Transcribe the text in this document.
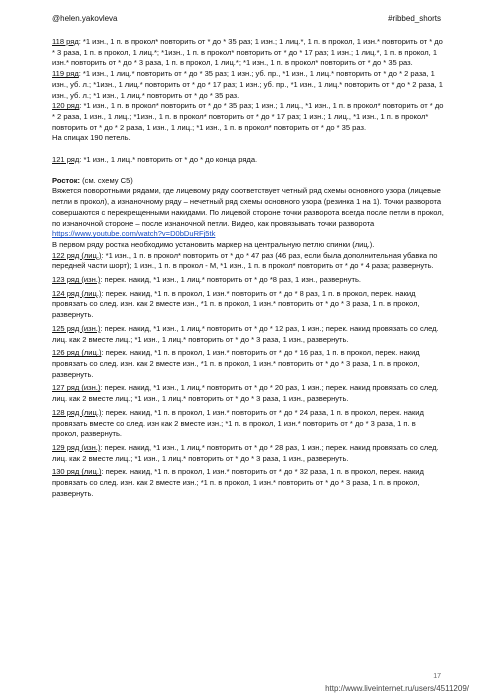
@helen.yakovleva	#ribbed_shorts

118 ряд: *1 изн., 1 п. в прокол* повторить от * до * 35 раз; 1 изн.; 1 лиц.*, 1 п. в прокол, 1 изн.* повторить от * до * 3 раза, 1 п. в прокол, 1 лиц.*; *1изн., 1 п. в прокол* повторить от * до * 17 раз; 1 изн.; 1 лиц.*, 1 п. в прокол, 1 изн.* повторить от * до * 3 раза, 1 п. в прокол, 1 лиц.*; *1 изн., 1 п. в прокол* повторить от * до * 35 раз.

119 ряд: *1 изн., 1 лиц.* повторить от * до * 35 раз; 1 изн.; уб. пр., *1 изн., 1 лиц.* повторить от * до * 2 раза, 1 изн., уб. л.; *1изн., 1 лиц.* повторить от * до * 17 раз; 1 изн.; уб. пр., *1 изн., 1 лиц.* повторить от * до * 2 раза, 1 изн., уб. л.; *1 изн., 1 лиц.* повторить от * до * 35 раз.

120 ряд: *1 изн., 1 п. в прокол* повторить от * до * 35 раз; 1 изн.; 1 лиц., *1 изн., 1 п. в прокол* повторить от * до * 2 раза, 1 изн., 1 лиц.; *1изн., 1 п. в прокол* повторить от * до * 17 раз; 1 изн.; 1 лиц., *1 изн., 1 п. в прокол* повторить от * до * 2 раза, 1 изн., 1 лиц.; *1 изн., 1 п. в прокол* повторить от * до * 35 раз.

На спицах 190 петель.

121 ряд: *1 изн., 1 лиц.* повторить от * до * до конца ряда.

Росток: (см. схему С5)

Вяжется поворотными рядами, где лицевому ряду соответствует четный ряд схемы основного узора (лицевые петли в прокол), а изнаночному ряду – нечетный ряд схемы основного узора (резинка 1 на 1). Точки разворота совершаются с перекрещенными накидами. По лицевой стороне точки разворота всегда после петли в прокол, по изнаночной стороне – после изнаночной петли. Видео, как провязывать точки разворота https://www.youtube.com/watch?v=D0bDuRFj5tk

В первом ряду ростка необходимо установить маркер на центральную петлю спинки (лиц.).

122 ряд (лиц.): *1 изн., 1 п. в прокол* повторить от * до * 47 раз (46 раз, если была дополнительная убавка по передней части шорт); 1 изн., 1 п. в прокол - М, *1 изн., 1 п. в прокол* повторить от * до * 4 раза; развернуть.

123 ряд (изн.): перек. накид, *1 изн., 1 лиц.* повторить от * до *8 раз, 1 изн., развернуть.

124 ряд (лиц.): перек. накид, *1 п. в прокол, 1 изн.* повторить от * до * 8 раз, 1 п. в прокол, перек. накид провязать со след. изн. как 2 вместе изн., *1 п. в прокол, 1 изн.* повторить от * до * 3 раза, 1 п. в прокол, развернуть.

125 ряд (изн.): перек. накид, *1 изн., 1 лиц.* повторить от * до * 12 раз, 1 изн.; перек. накид провязать со след. лиц. как 2 вместе лиц.; *1 изн., 1 лиц.* повторить от * до * 3 раза, 1 изн., развернуть.

126 ряд (лиц.): перек. накид, *1 п. в прокол, 1 изн.* повторить от * до * 16 раз, 1 п. в прокол, перек. накид провязать со след. изн. как 2 вместе изн., *1 п. в прокол, 1 изн.* повторить от * до * 3 раза, 1 п. в прокол, развернуть.

127 ряд (изн.): перек. накид, *1 изн., 1 лиц.* повторить от * до * 20 раз, 1 изн.; перек. накид провязать со след. лиц. как 2 вместе лиц.; *1 изн., 1 лиц.* повторить от * до * 3 раза, 1 изн., развернуть.

128 ряд (лиц.): перек. накид, *1 п. в прокол, 1 изн.* повторить от * до * 24 раза, 1 п. в прокол, перек. накид провязать вместе со след. изн как 2 вместе изн.; *1 п. в прокол, 1 изн.* повторить от * до * 3 раза, 1 п. в прокол, развернуть.

129 ряд (изн.): перек. накид, *1 изн., 1 лиц.* повторить от * до * 28 раз, 1 изн.; перек. накид провязать со след. лиц. как 2 вместе лиц.; *1 изн., 1 лиц.* повторить от * до * 3 раза, 1 изн., развернуть.

130 ряд (лиц.): перек. накид, *1 п. в прокол, 1 изн.* повторить от * до * 32 раза, 1 п. в прокол, перек. накид провязать со след. изн. как 2 вместе изн.; *1 п. в прокол, 1 изн.* повторить от * до * 3 раза, 1 п. в прокол, развернуть.

17
http://www.liveinternet.ru/users/4511209/
